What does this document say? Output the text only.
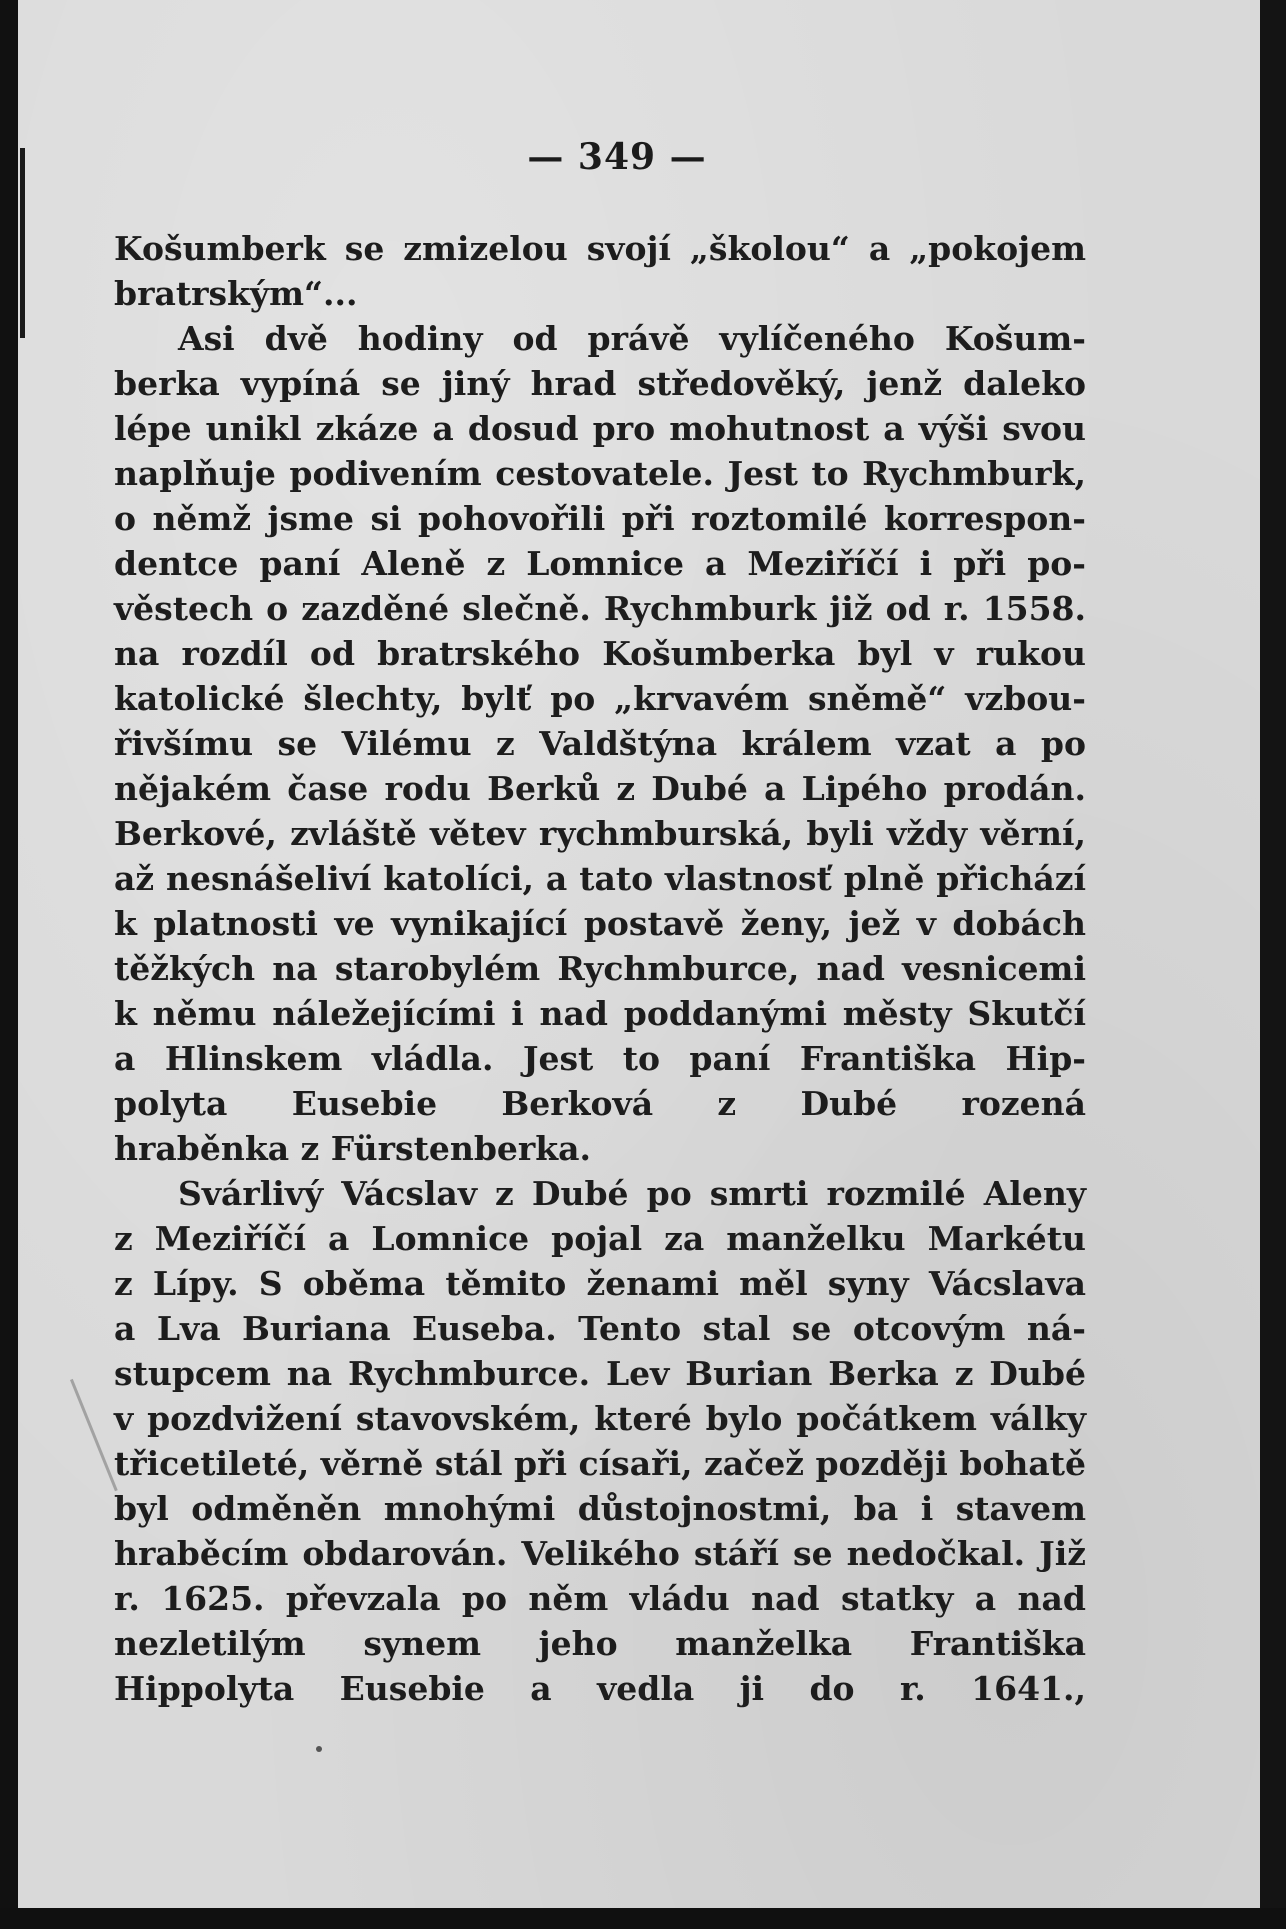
— 349 —
Košumberk se zmizelou svojí „školou“ a „pokojem
bratrským“...
Asi dvě hodiny od právě vylíčeného Košum-
berka vypíná se jiný hrad středověký, jenž daleko
lépe unikl zkáze a dosud pro mohutnost a výši svou
naplňuje podivením cestovatele. Jest to Rychmburk,
o němž jsme si pohovořili při roztomilé korrespon-
dentce paní Aleně z Lomnice a Meziříčí i při po-
věstech o zazděné slečně. Rychmburk již od r. 1558.
na rozdíl od bratrského Košumberka byl v rukou
katolické šlechty, bylť po „krvavém sněmě“ vzbou-
řivšímu se Vilému z Valdštýna králem vzat a po
nějakém čase rodu Berků z Dubé a Lipého prodán.
Berkové, zvláště větev rychmburská, byli vždy věrní,
až nesnášeliví katolíci, a tato vlastnosť plně přichází
k platnosti ve vynikající postavě ženy, jež v dobách
těžkých na starobylém Rychmburce, nad vesnicemi
k němu náležejícími i nad poddanými městy Skutčí
a Hlinskem vládla. Jest to paní Františka Hip-
polyta Eusebie Berková z Dubé rozená
hraběnka z Fürstenberka.
Svárlivý Vácslav z Dubé po smrti rozmilé Aleny
z Meziříčí a Lomnice pojal za manželku Markétu
z Lípy. S oběma těmito ženami měl syny Vácslava
a Lva Buriana Euseba. Tento stal se otcovým ná-
stupcem na Rychmburce. Lev Burian Berka z Dubé
v pozdvižení stavovském, které bylo počátkem války
třicetileté, věrně stál při císaři, začež později bohatě
byl odměněn mnohými důstojnostmi, ba i stavem
hraběcím obdarován. Velikého stáří se nedočkal. Již
r. 1625. převzala po něm vládu nad statky a nad
nezletilým synem jeho manželka Františka
Hippolyta Eusebie a vedla ji do r. 1641.,
